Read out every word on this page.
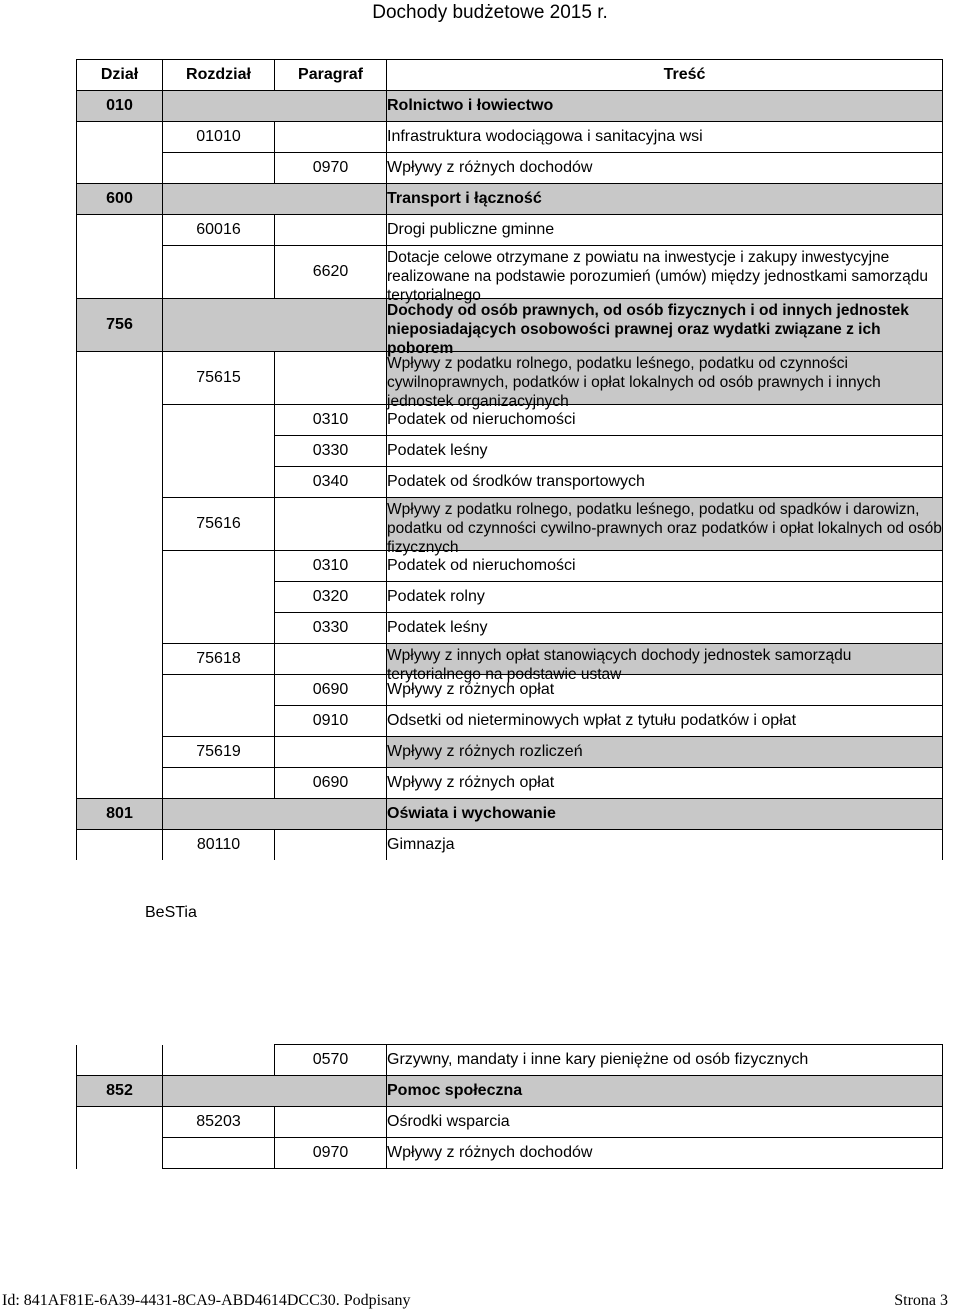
Dochody budżetowe 2015 r.
Dział	Rozdział	Paragraf	Treść
010			Rolnictwo i łowiectwo
	01010		Infrastruktura wodociągowa i sanitacyjna wsi
		0970	Wpływy z różnych dochodów
600			Transport i łączność
	60016		Drogi publiczne gminne
		6620	Dotacje celowe otrzymane z powiatu na inwestycje i zakupy inwestycyjne realizowane na podstawie porozumień (umów) między jednostkami samorządu terytorialnego

756			Dochody od osób prawnych, od osób fizycznych i od innych jednostek nieposiadających osobowości prawnej oraz wydatki związane z ich poborem

	75615		Wpływy z podatku rolnego, podatku leśnego, podatku od czynności cywilnoprawnych, podatków i opłat lokalnych od osób prawnych i innych jednostek organizacyjnych

		0310	Podatek od nieruchomości
		0330	Podatek leśny
		0340	Podatek od środków transportowych
	75616		Wpływy z podatku rolnego, podatku leśnego, podatku od spadków i darowizn, podatku od czynności cywilno-prawnych oraz podatków i opłat lokalnych od osób fizycznych

		0310	Podatek od nieruchomości
		0320	Podatek rolny
		0330	Podatek leśny
	75618		Wpływy z innych opłat stanowiących dochody jednostek samorządu terytorialnego na podstawie ustaw

		0690	Wpływy z różnych opłat
		0910	Odsetki od nieterminowych wpłat z tytułu podatków i opłat
	75619		Wpływy z różnych rozliczeń
		0690	Wpływy z różnych opłat
801			Oświata i wychowanie
	80110		Gimnazja
BeSTia
		0570	Grzywny, mandaty i inne kary pieniężne od osób fizycznych
852			Pomoc społeczna
	85203		Ośrodki wsparcia
		0970	Wpływy z różnych dochodów
Id: 841AF81E-6A39-4431-8CA9-ABD4614DCC30. Podpisany	Strona 3
